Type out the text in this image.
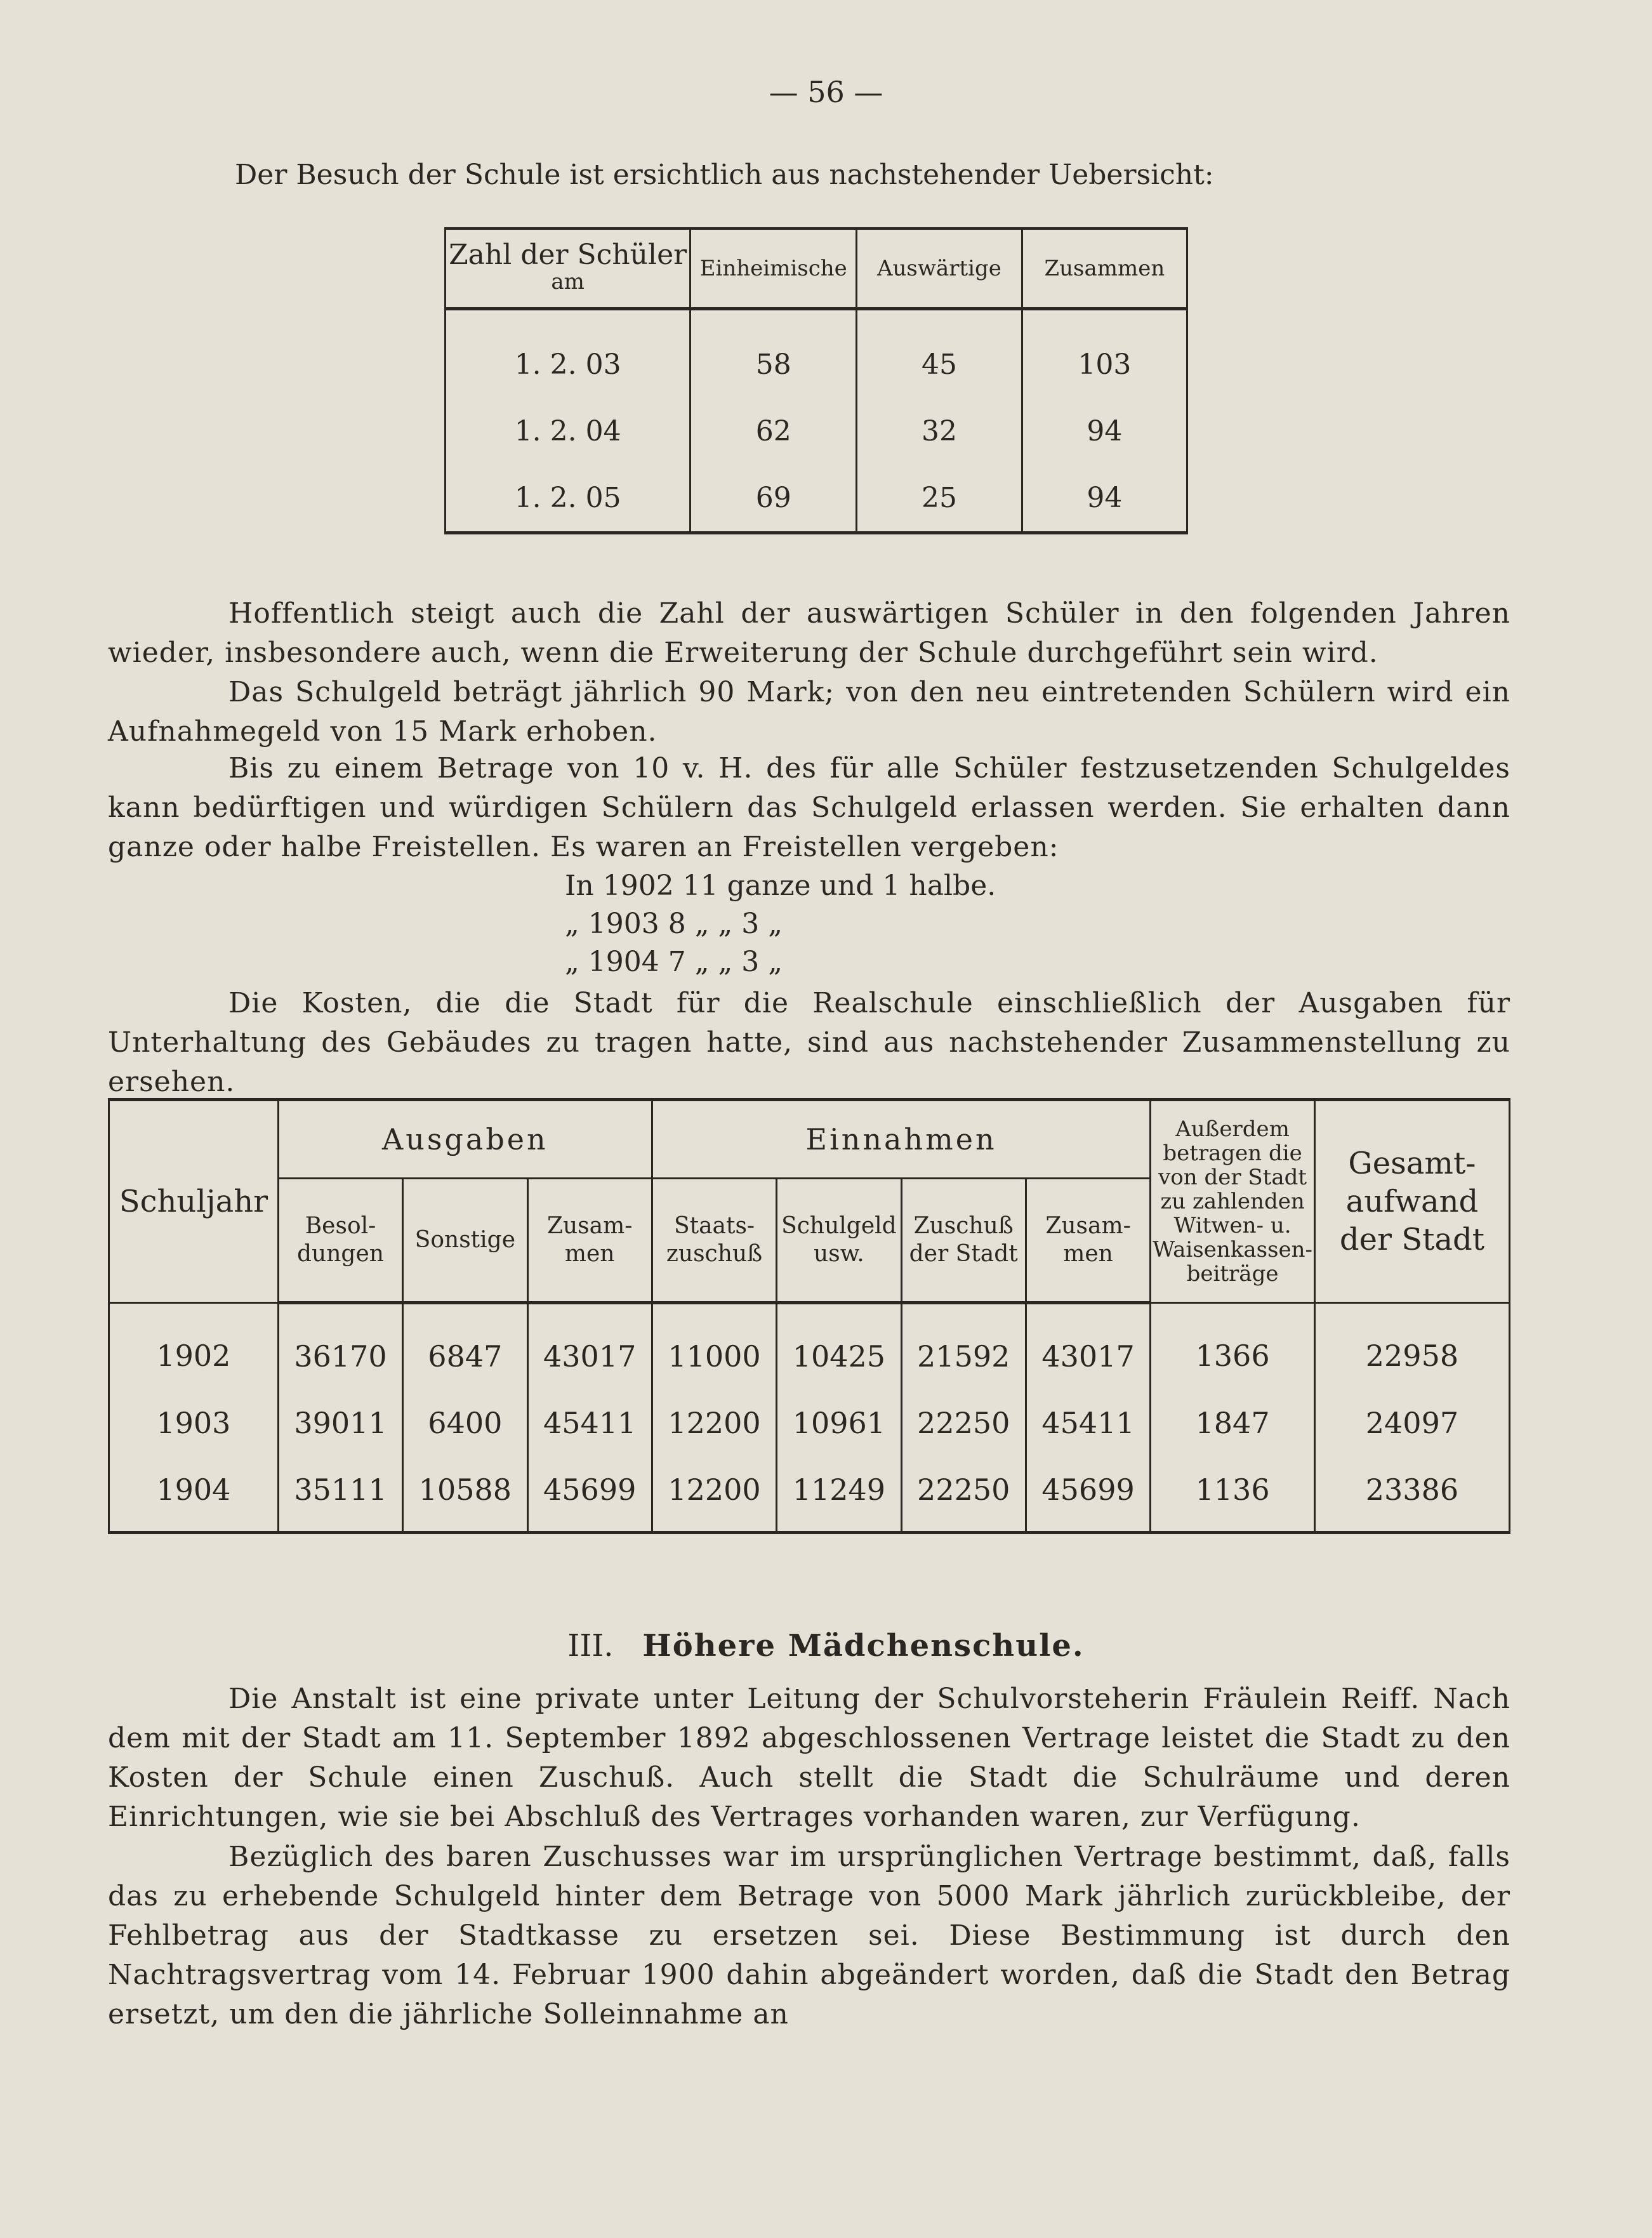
— 56 —
Der Besuch der Schule ist ersichtlich aus nachstehender Uebersicht:
Zahl der Schüler
am	Einheimische	Auswärtige	Zusammen
1. 2. 03	58	45	103
1. 2. 04	62	32	94
1. 2. 05	69	25	94
Hoffentlich steigt auch die Zahl der auswärtigen Schüler in den folgenden Jahren wieder, insbesondere auch, wenn die Erweiterung der Schule durchgeführt sein wird.
Das Schulgeld beträgt jährlich 90 Mark; von den neu eintretenden Schülern wird ein Aufnahmegeld von 15 Mark erhoben.
Bis zu einem Betrage von 10 v. H. des für alle Schüler festzusetzenden Schulgeldes kann bedürftigen und würdigen Schülern das Schulgeld erlassen werden. Sie erhalten dann ganze oder halbe Freistellen. Es waren an Freistellen vergeben:
In 1902 11 ganze und 1 halbe.
„ 1903 8 „ „ 3 „
„ 1904 7 „ „ 3 „
Die Kosten, die die Stadt für die Realschule einschließlich der Ausgaben für Unterhaltung des Gebäudes zu tragen hatte, sind aus nachstehender Zusammenstellung zu ersehen.
Schuljahr	Ausgaben			Einnahmen				Außerdem betragen die von der Stadt zu zahlenden Witwen- u. Waisenkassen-beiträge	Gesamt-aufwand der Stadt
	Besol-dungen	Sonstige	Zusam-men	Staats-zuschuß	Schulgeld usw.	Zuschuß der Stadt	Zusam-men		
1902	36170	6847	43017	11000	10425	21592	43017	1366	22958
1903	39011	6400	45411	12200	10961	22250	45411	1847	24097
1904	35111	10588	45699	12200	11249	22250	45699	1136	23386
III. Höhere Mädchenschule.
Die Anstalt ist eine private unter Leitung der Schulvorsteherin Fräulein Reiff. Nach dem mit der Stadt am 11. September 1892 abgeschlossenen Vertrage leistet die Stadt zu den Kosten der Schule einen Zuschuß. Auch stellt die Stadt die Schulräume und deren Einrichtungen, wie sie bei Abschluß des Vertrages vorhanden waren, zur Verfügung.
Bezüglich des baren Zuschusses war im ursprünglichen Vertrage bestimmt, daß, falls das zu erhebende Schulgeld hinter dem Betrage von 5000 Mark jährlich zurückbleibe, der Fehlbetrag aus der Stadtkasse zu ersetzen sei. Diese Bestimmung ist durch den Nachtragsvertrag vom 14. Februar 1900 dahin abgeändert worden, daß die Stadt den Betrag ersetzt, um den die jährliche Solleinnahme an
